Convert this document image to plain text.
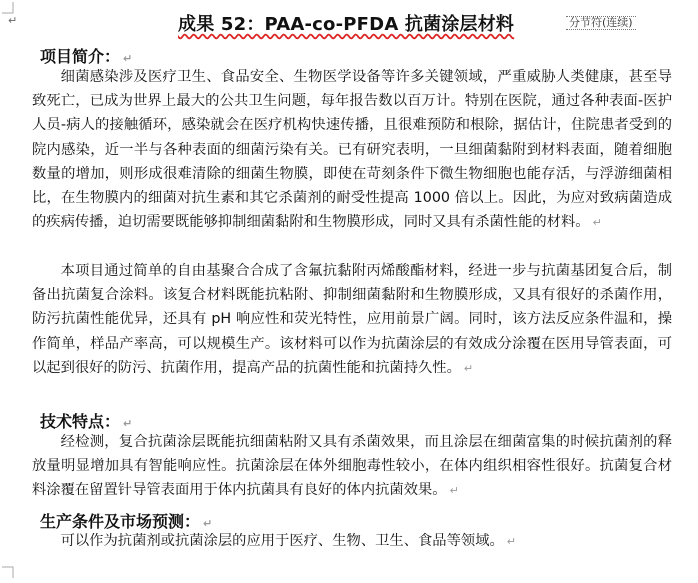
↵	成果 52：PAA-co-PFDA 抗菌涂层材料	分节符(连续)
项目简介： ↵

细菌感染涉及医疗卫生、食品安全、生物医学设备等许多关键领域，严重威胁人类健康，甚至导致死亡，已成为世界上最大的公共卫生问题，每年报告数以百万计。特别在医院，通过各种表面-医护人员-病人的接触循环，感染就会在医疗机构快速传播，且很难预防和根除，据估计，住院患者受到的院内感染，近一半与各种表面的细菌污染有关。已有研究表明，一旦细菌黏附到材料表面，随着细胞数量的增加，则形成很难清除的细菌生物膜，即使在苛刻条件下微生物细胞也能存活，与浮游细菌相比，在生物膜内的细菌对抗生素和其它杀菌剂的耐受性提高 1000 倍以上。因此，为应对致病菌造成的疾病传播，迫切需要既能够抑制细菌黏附和生物膜形成，同时又具有杀菌性能的材料。 ↵

本项目通过简单的自由基聚合合成了含氟抗黏附丙烯酸酯材料，经进一步与抗菌基团复合后，制备出抗菌复合涂料。该复合材料既能抗粘附、抑制细菌黏附和生物膜形成，又具有很好的杀菌作用，防污抗菌性能优异，还具有 pH 响应性和荧光特性，应用前景广阔。同时，该方法反应条件温和，操作简单，样品产率高，可以规模生产。该材料可以作为抗菌涂层的有效成分涂覆在医用导管表面，可以起到很好的防污、抗菌作用，提高产品的抗菌性能和抗菌持久性。 ↵

技术特点： ↵

经检测，复合抗菌涂层既能抗细菌粘附又具有杀菌效果，而且涂层在细菌富集的时候抗菌剂的释放量明显增加具有智能响应性。抗菌涂层在体外细胞毒性较小，在体内组织相容性很好。抗菌复合材料涂覆在留置针导管表面用于体内抗菌具有良好的体内抗菌效果。 ↵

生产条件及市场预测： ↵

可以作为抗菌剂或抗菌涂层的应用于医疗、生物、卫生、食品等领域。 ↵
